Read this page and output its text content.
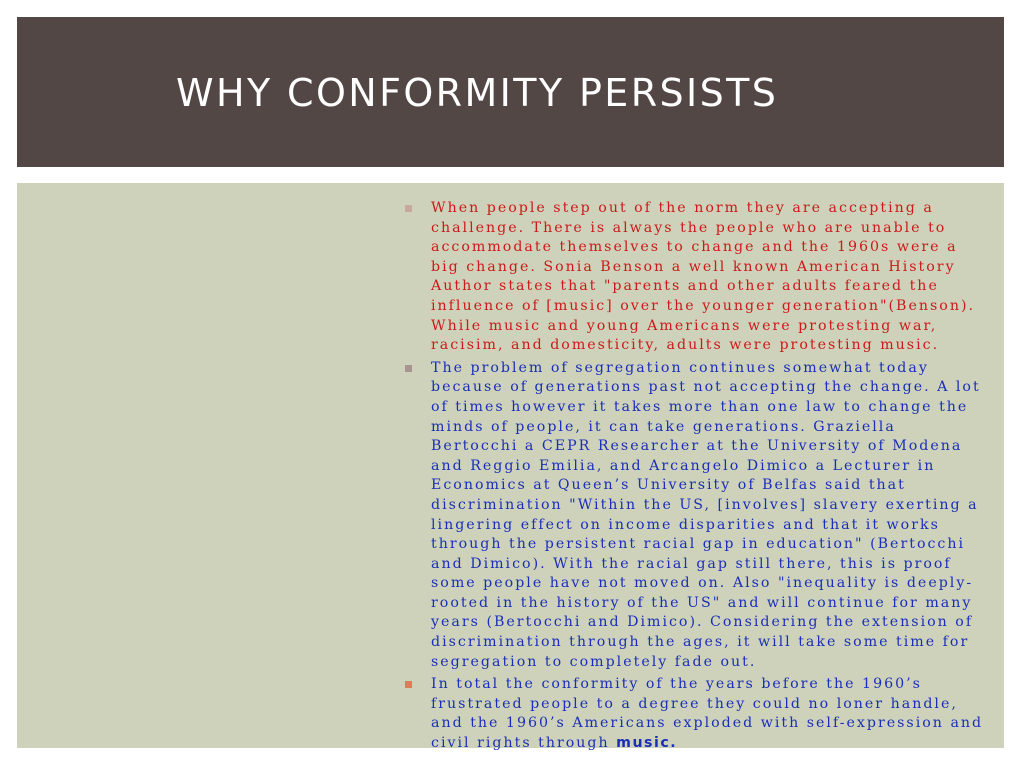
WHY CONFORMITY PERSISTS
When people step out of the norm they are accepting a challenge. There is always the people who are unable to accommodate themselves to change and the 1960s were a big change. Sonia Benson a well known American History Author states that "parents and other adults feared the influence of [music] over the younger generation"(Benson). While music and young Americans were protesting war, racisim, and domesticity, adults were protesting music.
The problem of segregation continues somewhat today because of generations past not accepting the change. A lot of times however it takes more than one law to change the minds of people, it can take generations. Graziella Bertocchi a CEPR Researcher at the University of Modena and Reggio Emilia, and Arcangelo Dimico a Lecturer in Economics at Queen’s University of Belfas said that discrimination "Within the US, [involves] slavery exerting a lingering effect on income disparities and that it works through the persistent racial gap in education" (Bertocchi and Dimico). With the racial gap still there, this is proof some people have not moved on. Also "inequality is deeply-rooted in the history of the US" and will continue for many years (Bertocchi and Dimico). Considering the extension of discrimination through the ages, it will take some time for segregation to completely fade out.
In total the conformity of the years before the 1960’s frustrated people to a degree they could no loner handle, and the 1960’s Americans exploded with self-expression and civil rights through music.
